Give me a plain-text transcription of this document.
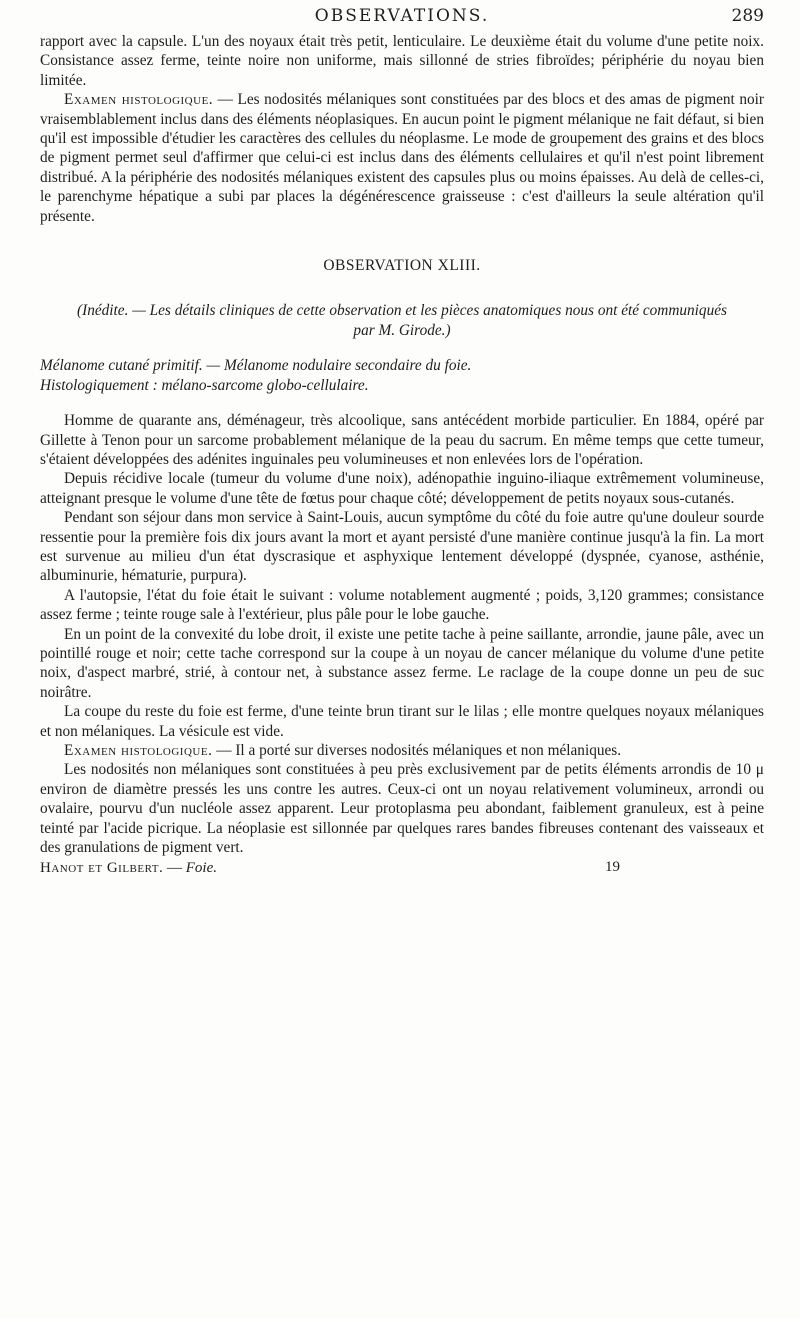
OBSERVATIONS.	289

rapport avec la capsule. L'un des noyaux était très petit, lenticulaire. Le deuxième était du volume d'une petite noix. Consistance assez ferme, teinte noire non uniforme, mais sillonné de stries fibroïdes; périphérie du noyau bien limitée.

Examen histologique. — Les nodosités mélaniques sont constituées par des blocs et des amas de pigment noir vraisemblablement inclus dans des éléments néoplasiques. En aucun point le pigment mélanique ne fait défaut, si bien qu'il est impossible d'étudier les caractères des cellules du néoplasme. Le mode de groupement des grains et des blocs de pigment permet seul d'affirmer que celui-ci est inclus dans des éléments cellulaires et qu'il n'est point librement distribué. A la périphérie des nodosités mélaniques existent des capsules plus ou moins épaisses. Au delà de celles-ci, le parenchyme hépatique a subi par places la dégénérescence graisseuse : c'est d'ailleurs la seule altération qu'il présente.

OBSERVATION XLIII.
(Inédite. — Les détails cliniques de cette observation et les pièces anatomiques nous ont été communiqués par M. Girode.)

Mélanome cutané primitif. — Mélanome nodulaire secondaire du foie.

Histologiquement : mélano-sarcome globo-cellulaire.

Homme de quarante ans, déménageur, très alcoolique, sans antécédent morbide particulier. En 1884, opéré par Gillette à Tenon pour un sarcome probablement mélanique de la peau du sacrum. En même temps que cette tumeur, s'étaient développées des adénites inguinales peu volumineuses et non enlevées lors de l'opération.

Depuis récidive locale (tumeur du volume d'une noix), adénopathie inguino-iliaque extrêmement volumineuse, atteignant presque le volume d'une tête de fœtus pour chaque côté; développement de petits noyaux sous-cutanés.

Pendant son séjour dans mon service à Saint-Louis, aucun symptôme du côté du foie autre qu'une douleur sourde ressentie pour la première fois dix jours avant la mort et ayant persisté d'une manière continue jusqu'à la fin. La mort est survenue au milieu d'un état dyscrasique et asphyxique lentement développé (dyspnée, cyanose, asthénie, albuminurie, hématurie, purpura).

A l'autopsie, l'état du foie était le suivant : volume notablement augmenté ; poids, 3,120 grammes; consistance assez ferme ; teinte rouge sale à l'extérieur, plus pâle pour le lobe gauche.

En un point de la convexité du lobe droit, il existe une petite tache à peine saillante, arrondie, jaune pâle, avec un pointillé rouge et noir; cette tache correspond sur la coupe à un noyau de cancer mélanique du volume d'une petite noix, d'aspect marbré, strié, à contour net, à substance assez ferme. Le raclage de la coupe donne un peu de suc noirâtre.

La coupe du reste du foie est ferme, d'une teinte brun tirant sur le lilas ; elle montre quelques noyaux mélaniques et non mélaniques. La vésicule est vide.

Examen histologique. — Il a porté sur diverses nodosités mélaniques et non mélaniques.

Les nodosités non mélaniques sont constituées à peu près exclusivement par de petits éléments arrondis de 10 μ environ de diamètre pressés les uns contre les autres. Ceux-ci ont un noyau relativement volumineux, arrondi ou ovalaire, pourvu d'un nucléole assez apparent. Leur protoplasma peu abondant, faiblement granuleux, est à peine teinté par l'acide picrique. La néoplasie est sillonnée par quelques rares bandes fibreuses contenant des vaisseaux et des granulations de pigment vert.

Hanot et Gilbert. — Foie.	19
